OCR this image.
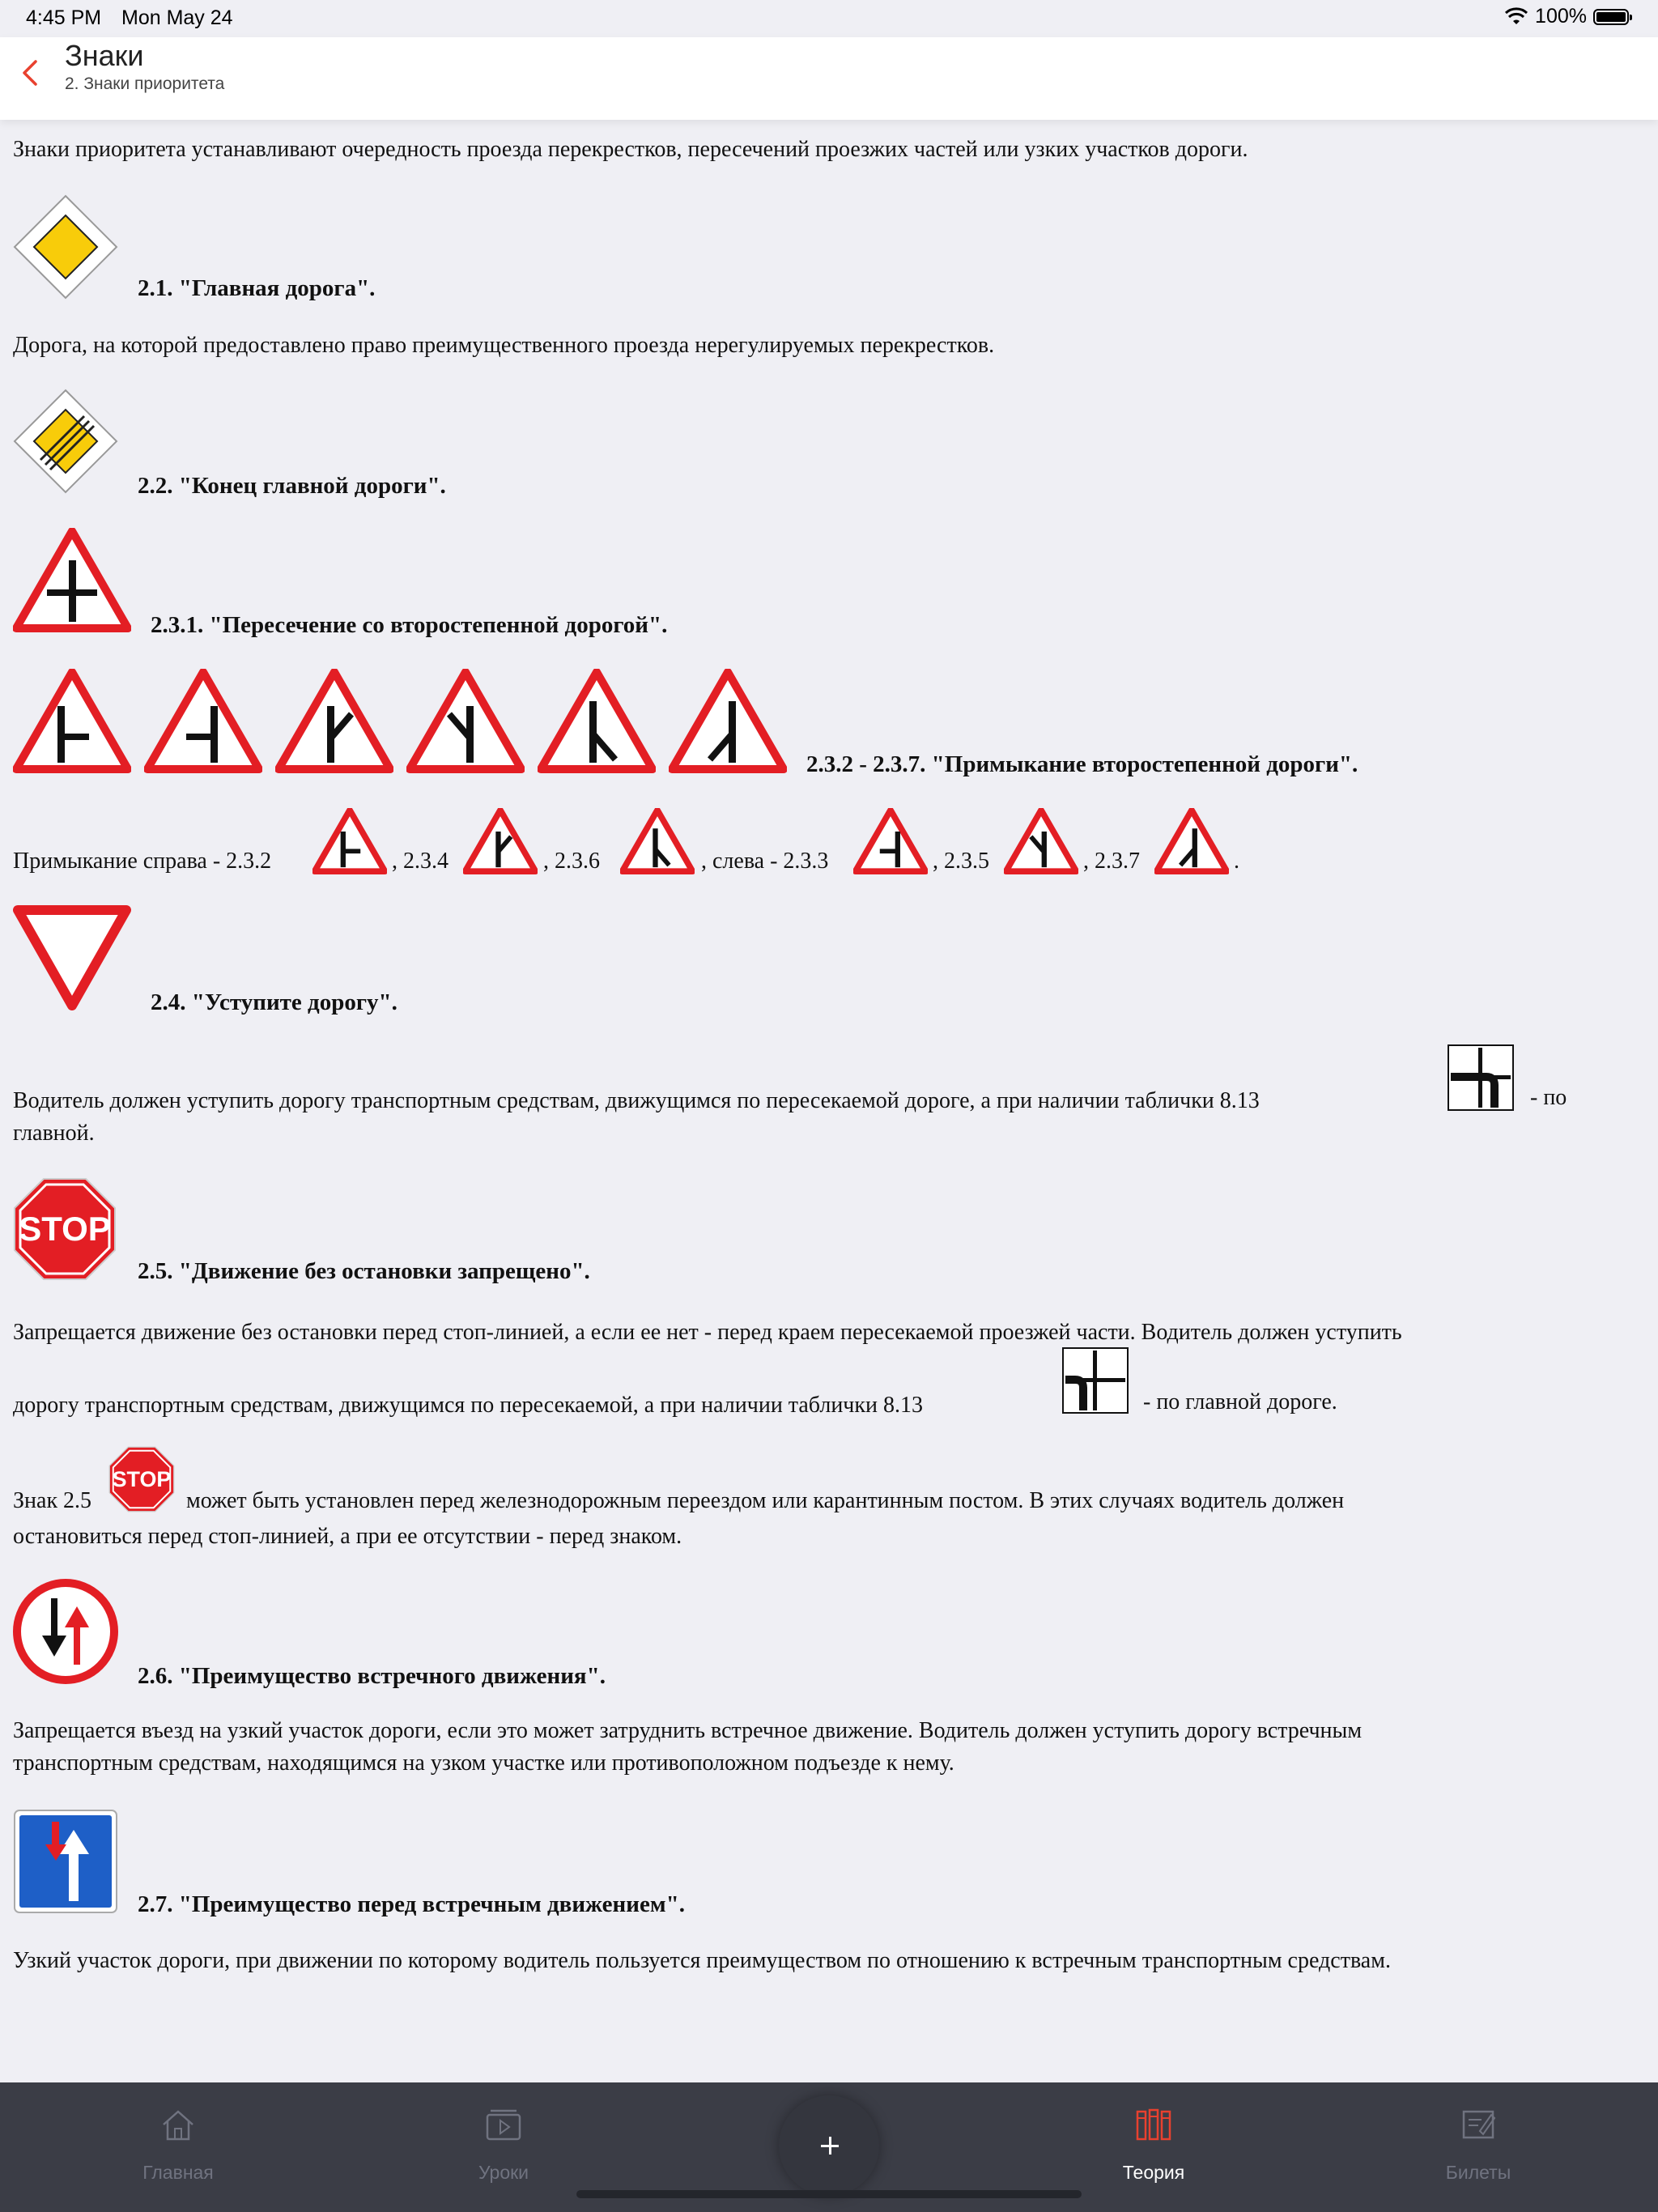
4:45 PM Mon May 24	100%
Знаки
2. Знаки приоритета
Знаки приоритета устанавливают очередность проезда перекрестков, пересечений проезжих частей или узких участков дороги.
2.1. "Главная дорога".
Дорога, на которой предоставлено право преимущественного проезда нерегулируемых перекрестков.
2.2. "Конец главной дороги".
2.3.1. "Пересечение со второстепенной дорогой".
2.3.2 - 2.3.7. "Примыкание второстепенной дороги".
Примыкание справа - 2.3.2	, 2.3.4	, 2.3.6	, слева - 2.3.3	, 2.3.5	, 2.3.7	.
2.4. "Уступите дорогу".
Водитель должен уступить дорогу транспортным средствам, движущимся по пересекаемой дороге, а при наличии таблички 8.13	- по
главной.
STOP
2.5. "Движение без остановки запрещено".
Запрещается движение без остановки перед стоп-линией, а если ее нет - перед краем пересекаемой проезжей части. Водитель должен уступить
дорогу транспортным средствам, движущимся по пересекаемой, а при наличии таблички 8.13	- по главной дороге.
Знак 2.5
STOP
может быть установлен перед железнодорожным переездом или карантинным постом. В этих случаях водитель должен
остановиться перед стоп-линией, а при ее отсутствии - перед знаком.
2.6. "Преимущество встречного движения".
Запрещается въезд на узкий участок дороги, если это может затруднить встречное движение. Водитель должен уступить дорогу встречным
транспортным средствам, находящимся на узком участке или противоположном подъезде к нему.
2.7. "Преимущество перед встречным движением".
Узкий участок дороги, при движении по которому водитель пользуется преимуществом по отношению к встречным транспортным средствам.
Главная	Уроки	Теория	Билеты
